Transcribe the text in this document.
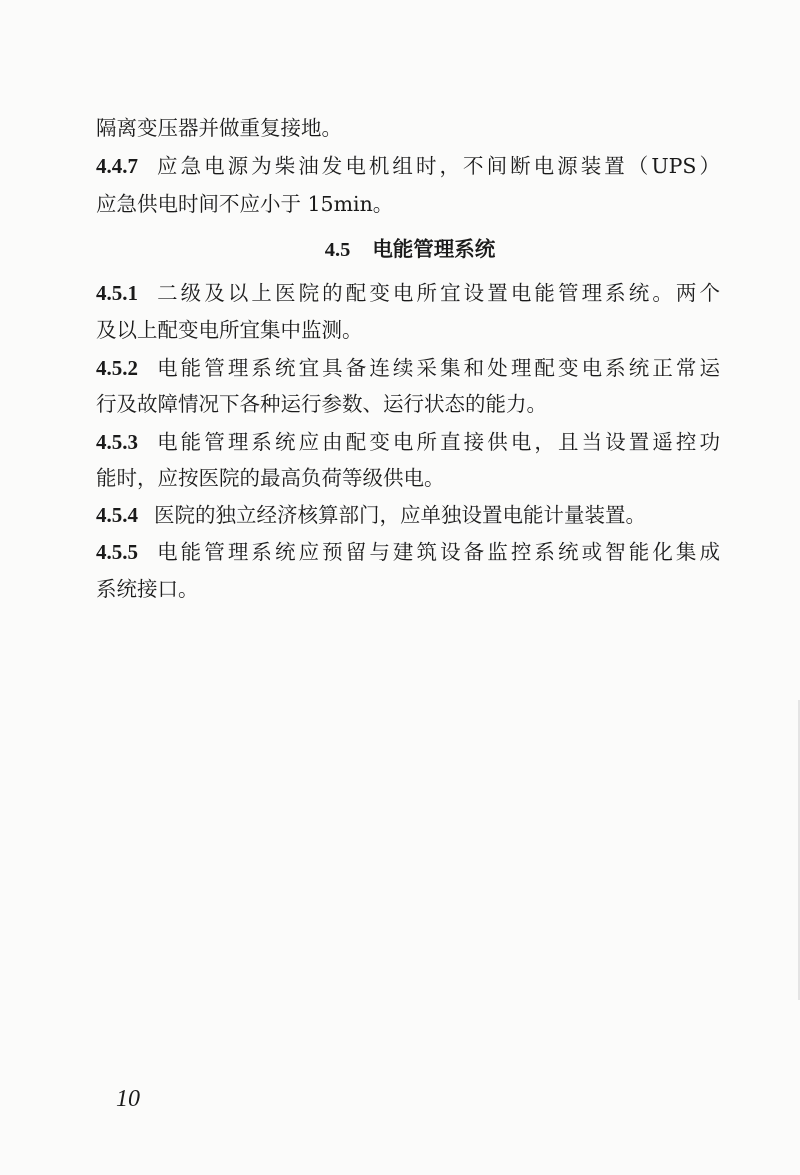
隔离变压器并做重复接地。
4.4.7 应急电源为柴油发电机组时，不间断电源装置（UPS）
应急供电时间不应小于 15min。
4.5 电能管理系统
4.5.1 二级及以上医院的配变电所宜设置电能管理系统。两个
及以上配变电所宜集中监测。
4.5.2 电能管理系统宜具备连续采集和处理配变电系统正常运
行及故障情况下各种运行参数、运行状态的能力。
4.5.3 电能管理系统应由配变电所直接供电，且当设置遥控功
能时，应按医院的最高负荷等级供电。
4.5.4 医院的独立经济核算部门，应单独设置电能计量装置。
4.5.5 电能管理系统应预留与建筑设备监控系统或智能化集成
系统接口。
10
